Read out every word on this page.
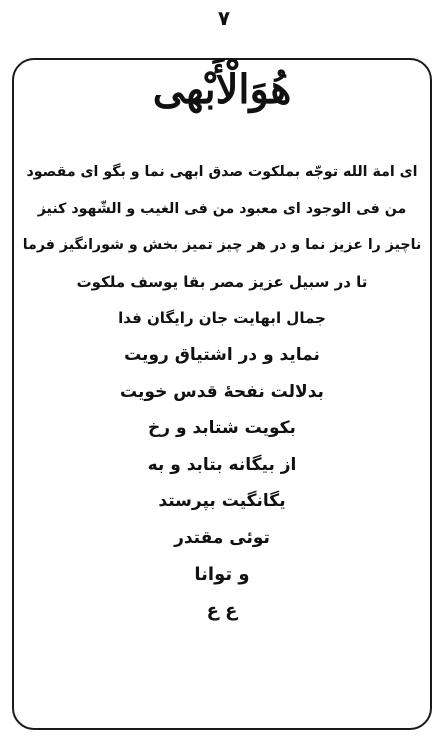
۷
هُوَالْأَبْهی
ای امة الله توجّه بملکوت صدق ابهی نما و بگو ای مقصود
من فی الوجود ای معبود من فی الغیب و الشّهود کنیز
ناچیز را عزیز نما و در هر چیز تمیز بخش و شورانگیز فرما
تا در سبیل عزیز مصر بقا یوسف ملکوت
جمال ابهایت جان رایگان فدا
نماید و در اشتیاق رویت
بدلالت نفحهٔ قدس خویت
بکویت شتابد و رخ
از بیگانه بتابد و به
یگانگیت بپرستد
توئی مقتدر
و توانا
ع ع
